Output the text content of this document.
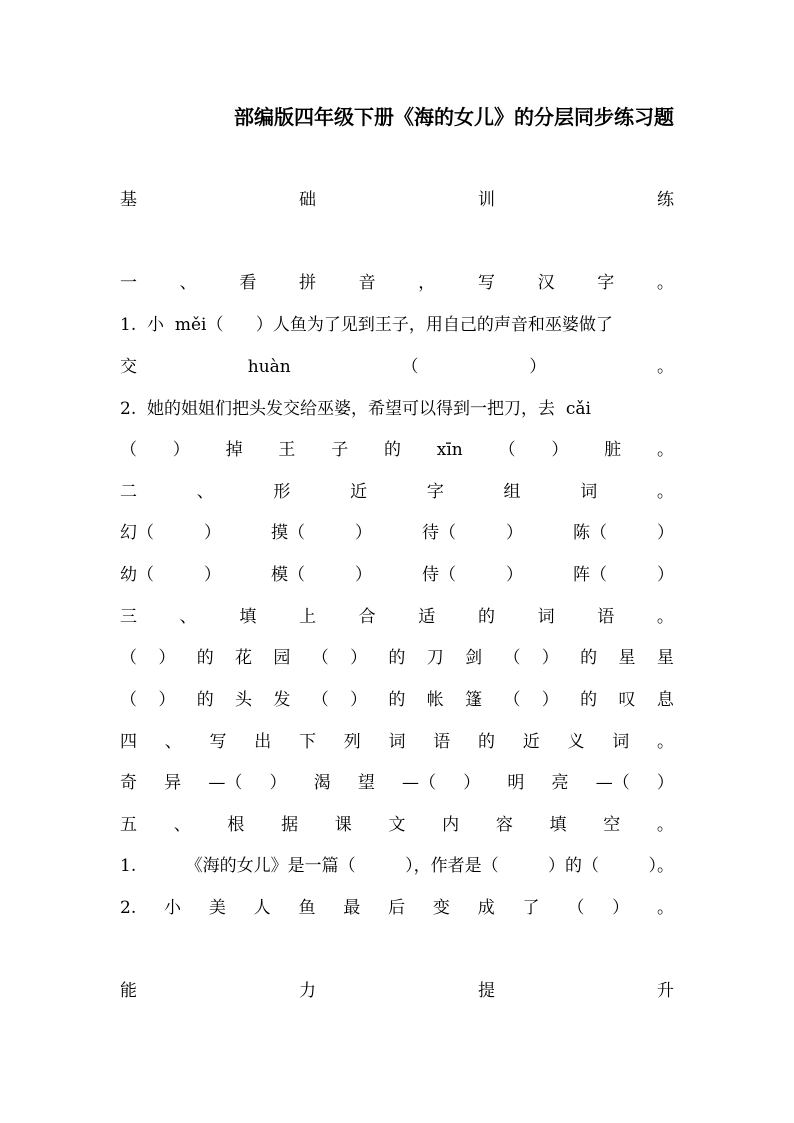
部编版四年级下册《海的女儿》的分层同步练习题
基	础	训	练
一	、	看	拼	音	，	写	汉	字	。
1.  小  měi（      ）人鱼为了见到王子，用自己的声音和巫婆做了
交	huàn	（	）	。
2.  她的姐姐们把头发交给巫婆，希望可以得到一把刀，去  cǎi
（ ） 掉 王 子 的 xīn （ ） 脏 。
二	、	形	近	字	组	词	。
幻（	）	摸（	）	待（	）	陈（	）
幼（	）	模（	）	侍（	）	阵（	）
三	、	填	上	合	适	的	词	语	。
（ ） 的 花 园 （ ） 的 刀 剑 （ ） 的 星 星
（ ） 的 头 发 （ ） 的 帐 篷 （ ） 的 叹 息
四 、 写 出 下 列 词 语 的 近 义 词 。
奇 异 —（ ） 渴 望 —（ ） 明 亮 —（ ）
五 、 根 据 课 文 内 容 填 空 。
1.	《海的女儿》是一篇（	），作者是（	）的（	）。
2. 小 美 人 鱼 最 后 变 成 了 （ ） 。
能	力	提	升
